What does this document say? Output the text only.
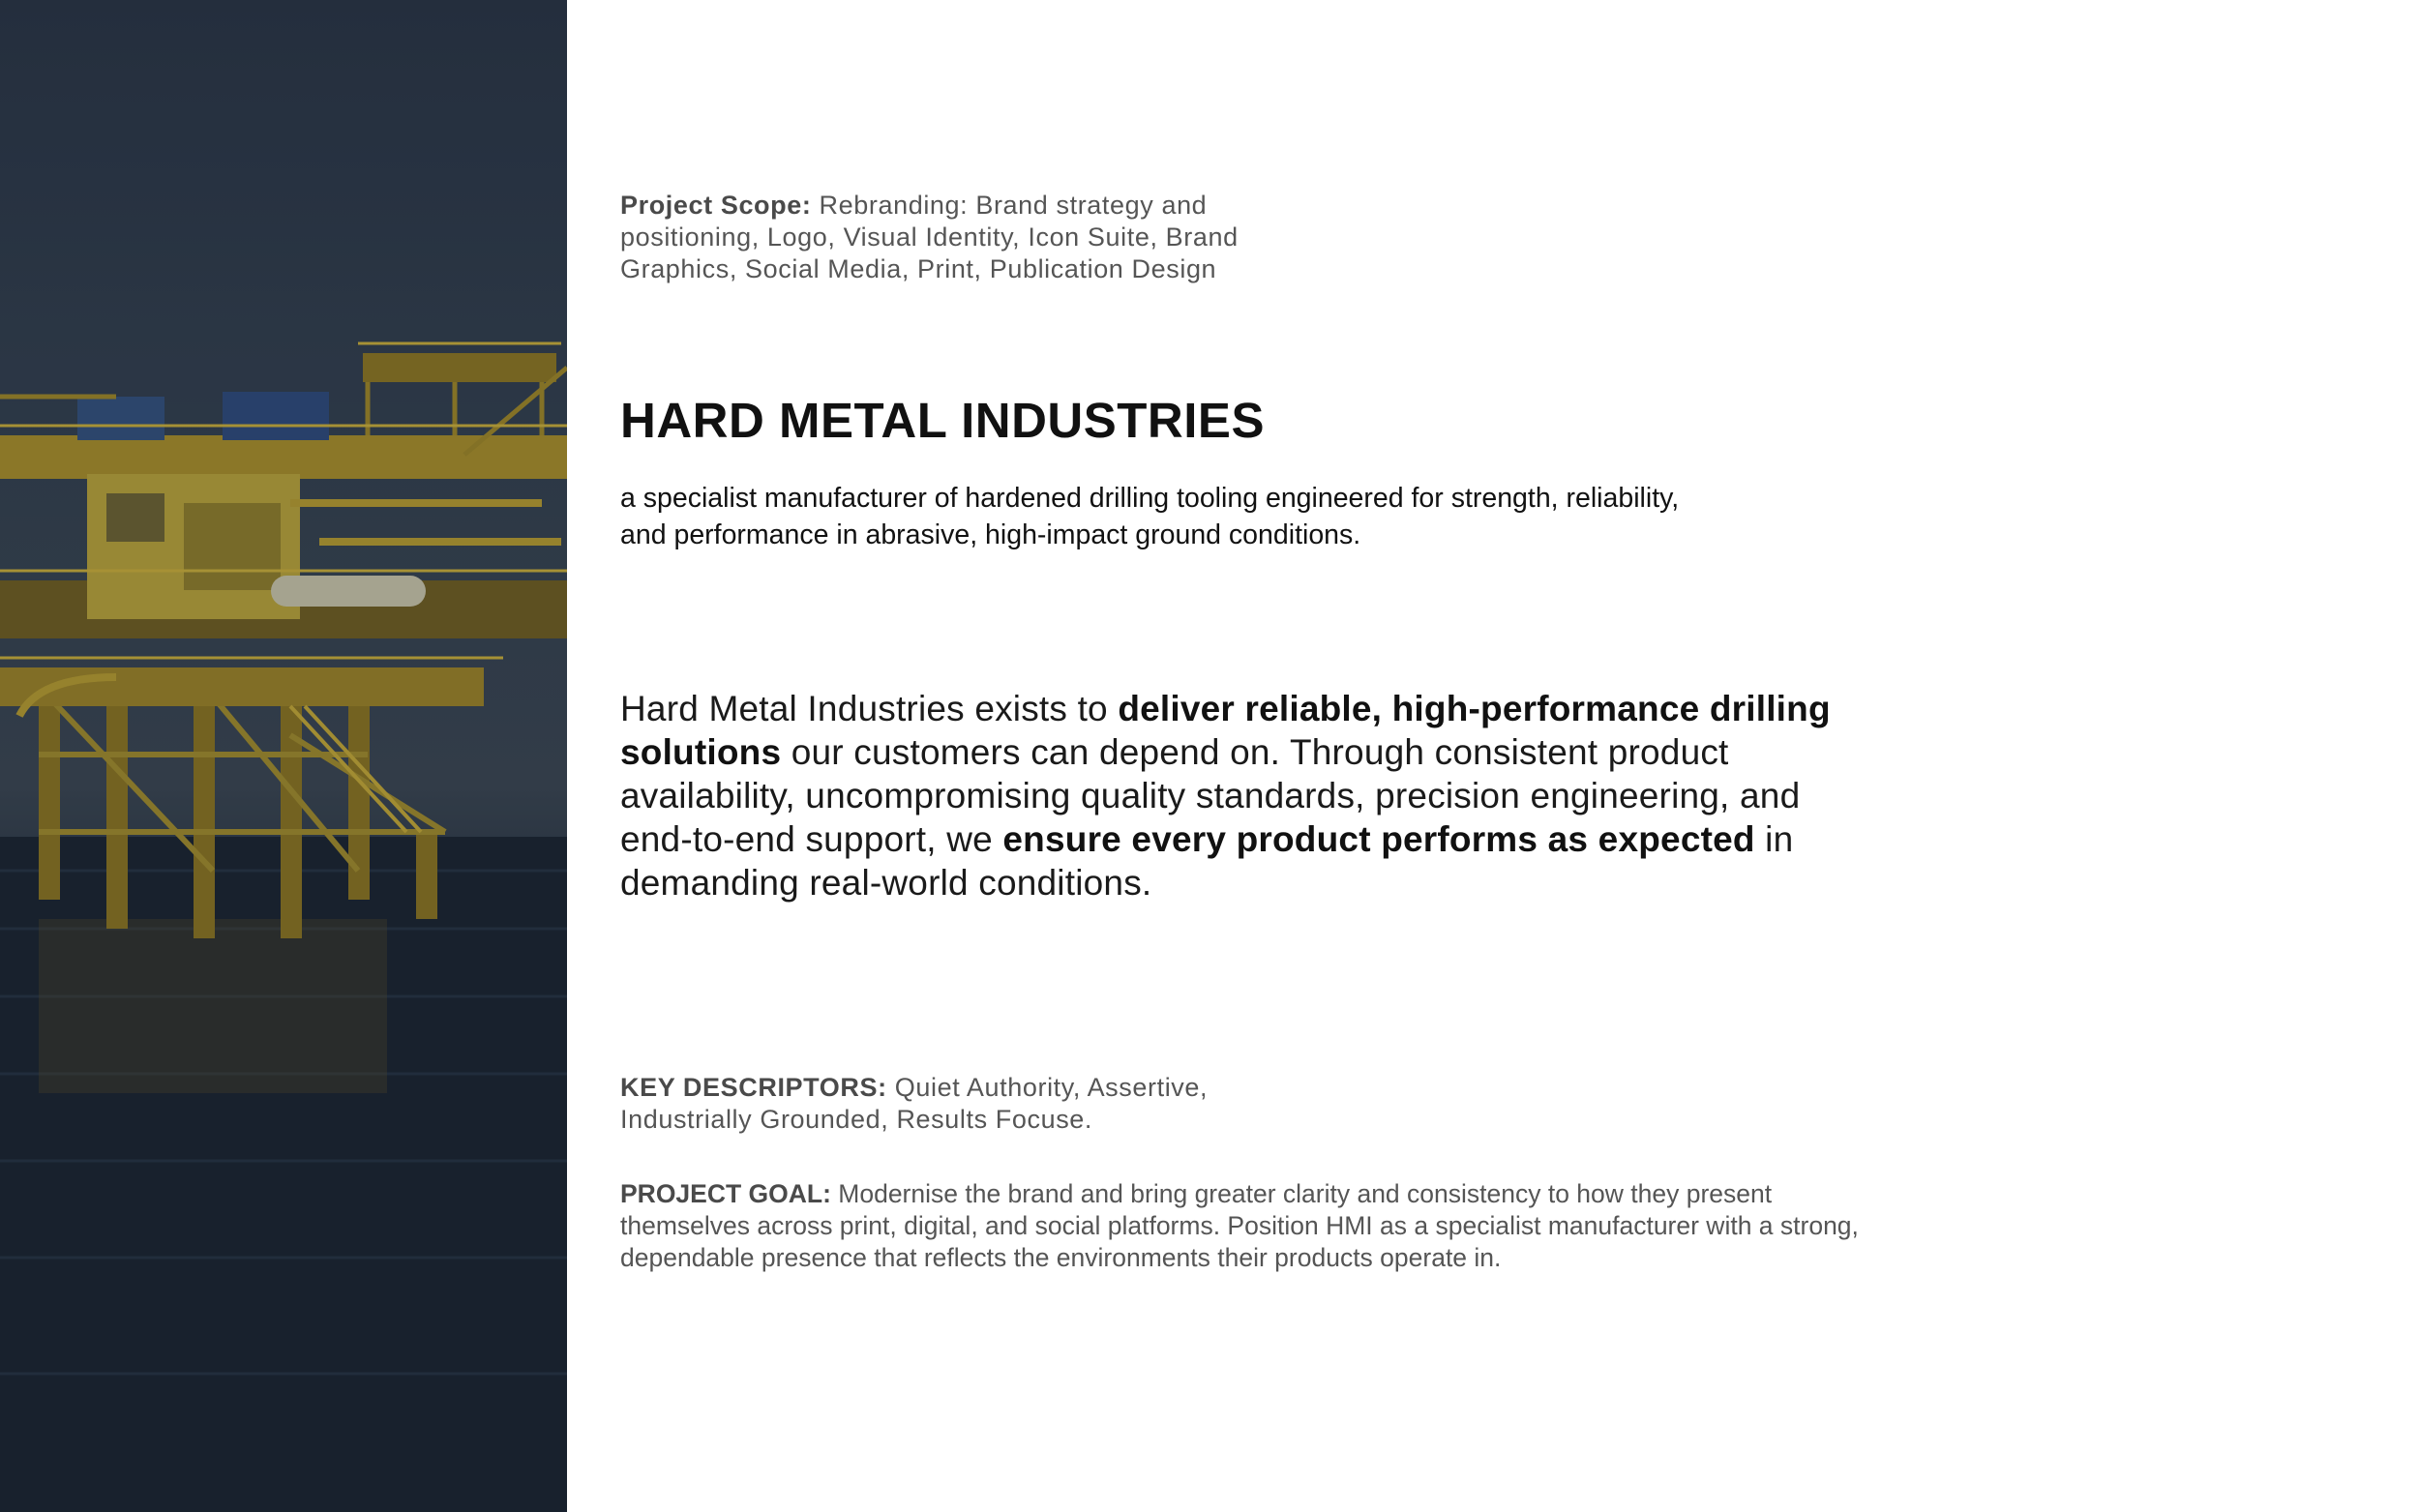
Project Scope: Rebranding: Brand strategy and positioning, Logo, Visual Identity, Icon Suite, Brand Graphics, Social Media, Print, Publication Design
HARD METAL INDUSTRIES
a specialist manufacturer of hardened drilling tooling engineered for strength, reliability,
and performance in abrasive, high-impact ground conditions.
Hard Metal Industries exists to deliver reliable, high-performance drilling solutions our customers can depend on. Through consistent product availability, uncompromising quality standards, precision engineering, and end-to-end support, we ensure every product performs as expected in demanding real-world conditions.
KEY DESCRIPTORS: Quiet Authority, Assertive, Industrially Grounded, Results Focuse.
PROJECT GOAL: Modernise the brand and bring greater clarity and consistency to how they present themselves across print, digital, and social platforms. Position HMI as a specialist manufacturer with a strong, dependable presence that reflects the environments their products operate in.
